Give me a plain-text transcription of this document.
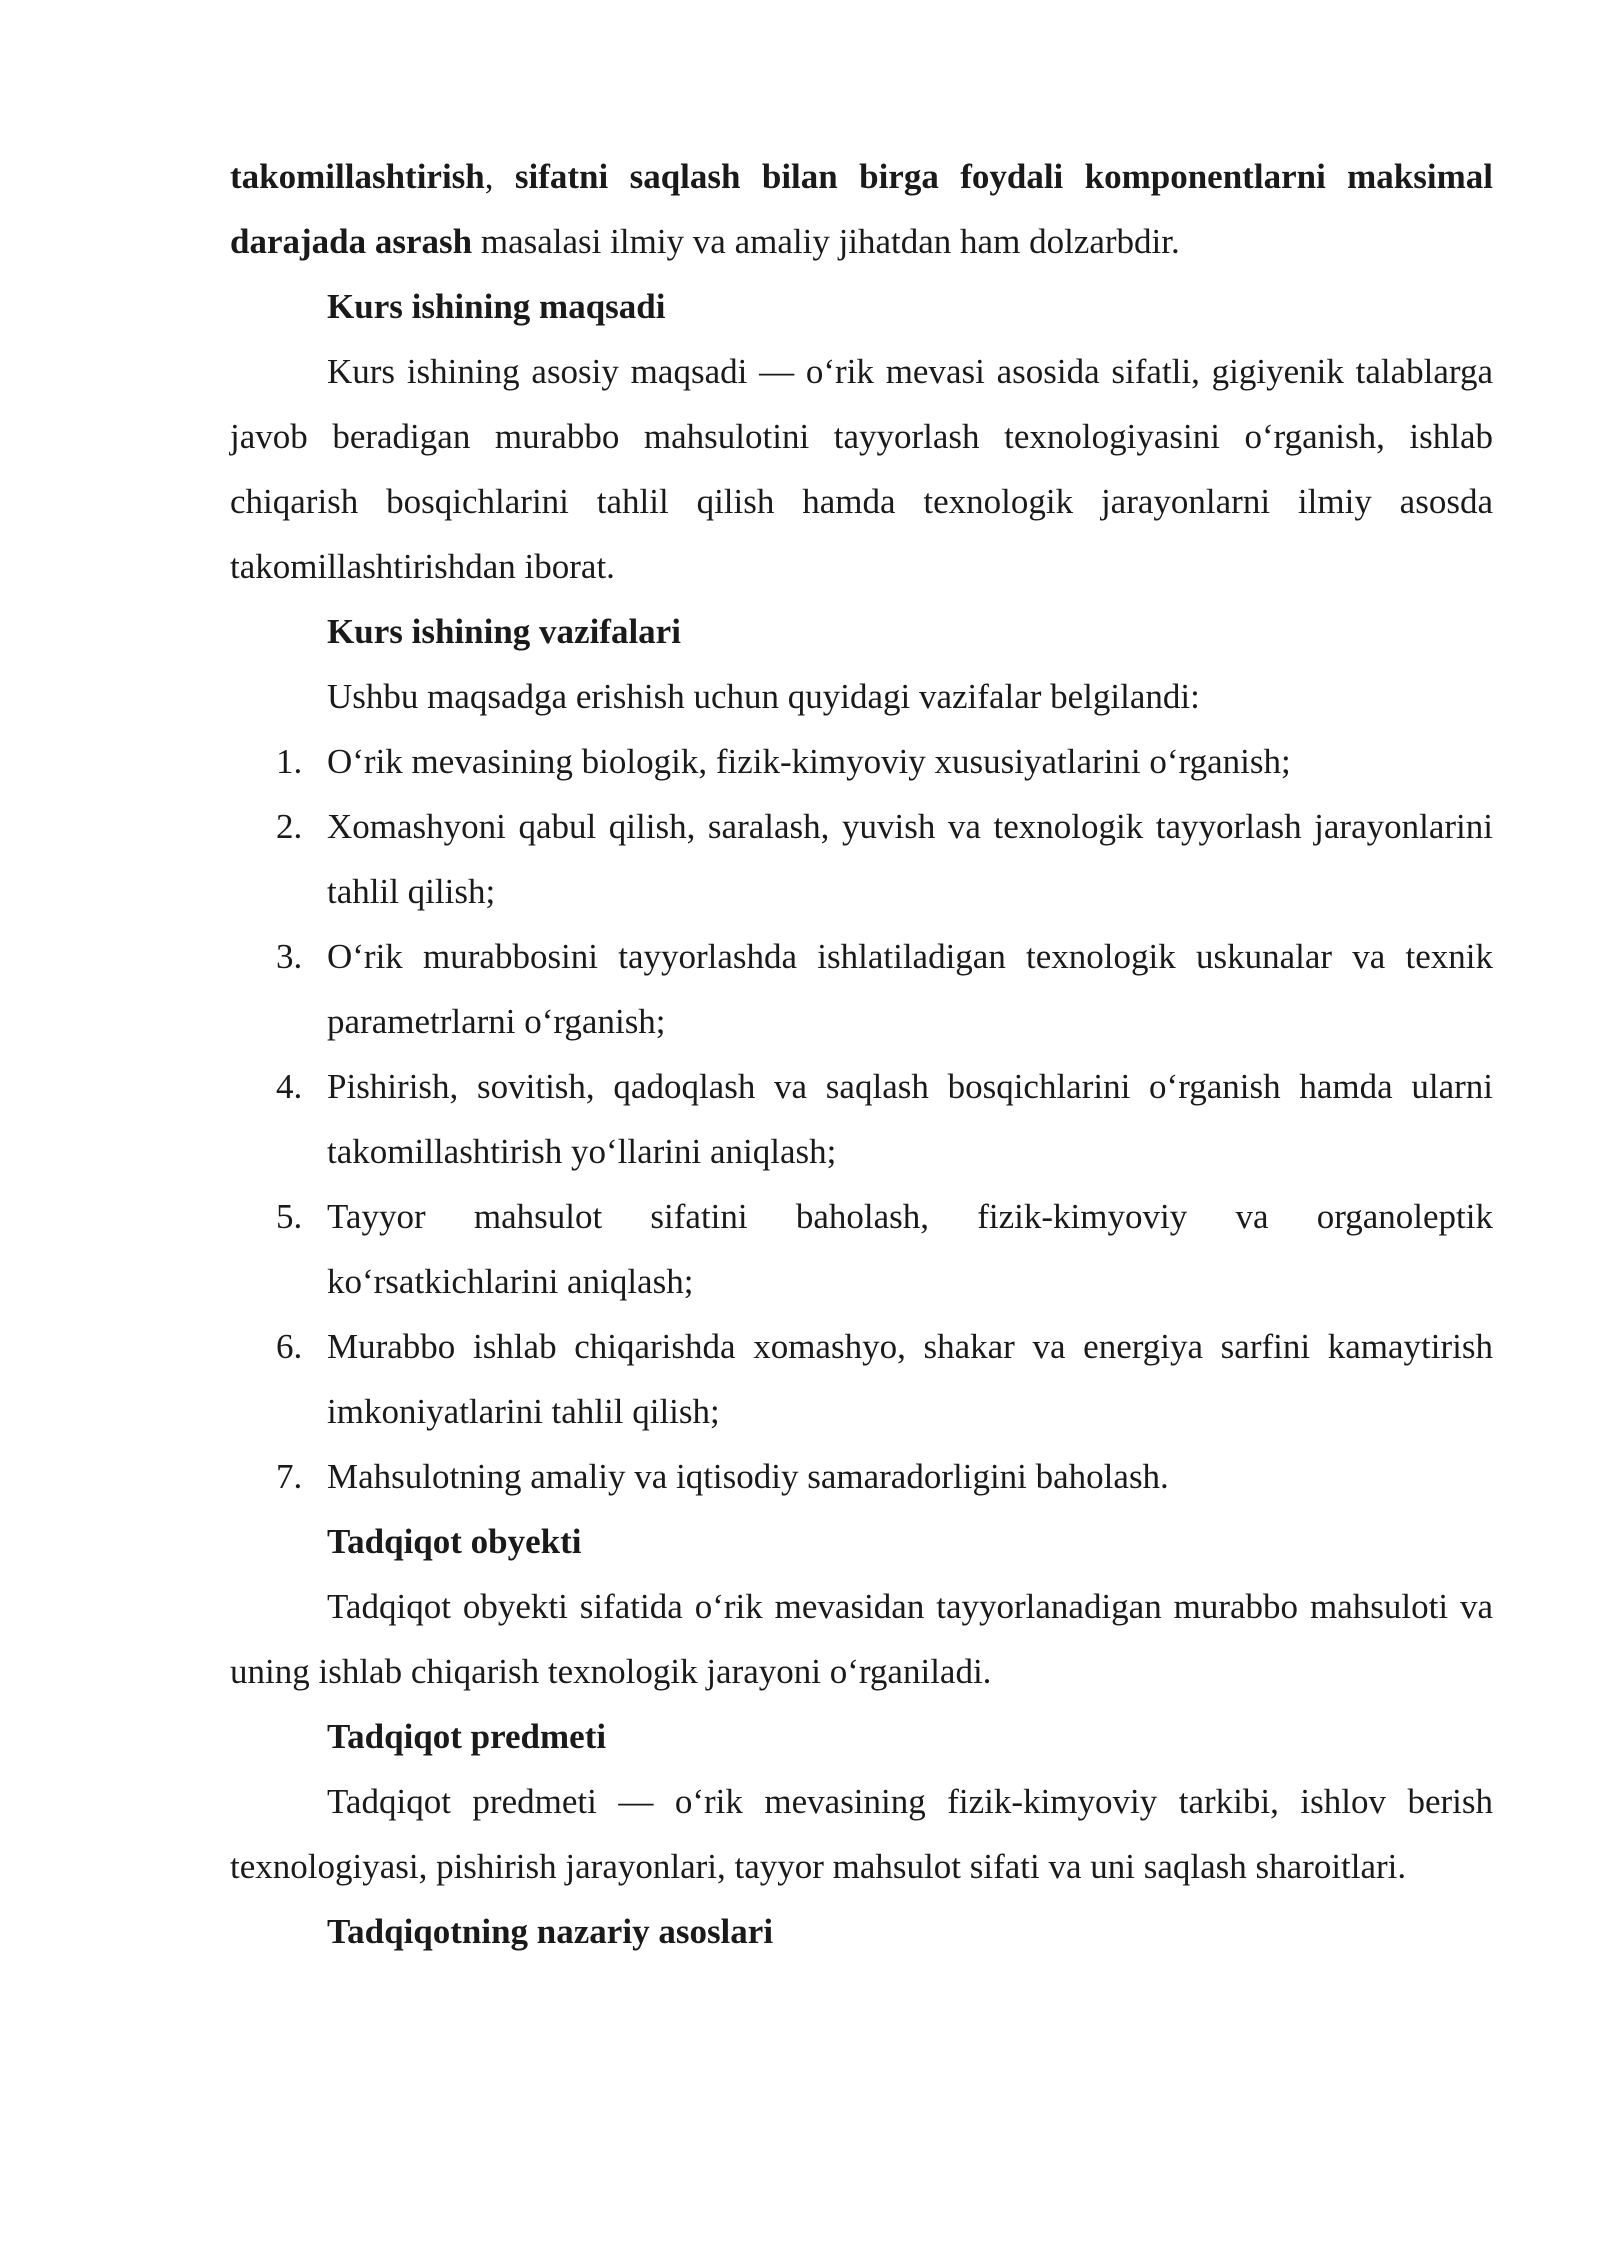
takomillashtirish, sifatni saqlash bilan birga foydali komponentlarni maksimal darajada asrash masalasi ilmiy va amaliy jihatdan ham dolzarbdir.

Kurs ishining maqsadi

Kurs ishining asosiy maqsadi — o‘rik mevasi asosida sifatli, gigiyenik talablarga javob beradigan murabbo mahsulotini tayyorlash texnologiyasini o‘rganish, ishlab chiqarish bosqichlarini tahlil qilish hamda texnologik jarayonlarni ilmiy asosda takomillashtirishdan iborat.

Kurs ishining vazifalari

Ushbu maqsadga erishish uchun quyidagi vazifalar belgilandi:

1. O‘rik mevasining biologik, fizik-kimyoviy xususiyatlarini o‘rganish;
2. Xomashyoni qabul qilish, saralash, yuvish va texnologik tayyorlash jarayonlarini tahlil qilish;
3. O‘rik murabbosini tayyorlashda ishlatiladigan texnologik uskunalar va texnik parametrlarni o‘rganish;
4. Pishirish, sovitish, qadoqlash va saqlash bosqichlarini o‘rganish hamda ularni takomillashtirish yo‘llarini aniqlash;
5. Tayyor mahsulot sifatini baholash, fizik-kimyoviy va organoleptik ko‘rsatkichlarini aniqlash;
6. Murabbo ishlab chiqarishda xomashyo, shakar va energiya sarfini kamaytirish imkoniyatlarini tahlil qilish;
7. Mahsulotning amaliy va iqtisodiy samaradorligini baholash.

Tadqiqot obyekti

Tadqiqot obyekti sifatida o‘rik mevasidan tayyorlanadigan murabbo mahsuloti va uning ishlab chiqarish texnologik jarayoni o‘rganiladi.

Tadqiqot predmeti

Tadqiqot predmeti — o‘rik mevasining fizik-kimyoviy tarkibi, ishlov berish texnologiyasi, pishirish jarayonlari, tayyor mahsulot sifati va uni saqlash sharoitlari.

Tadqiqotning nazariy asoslari
